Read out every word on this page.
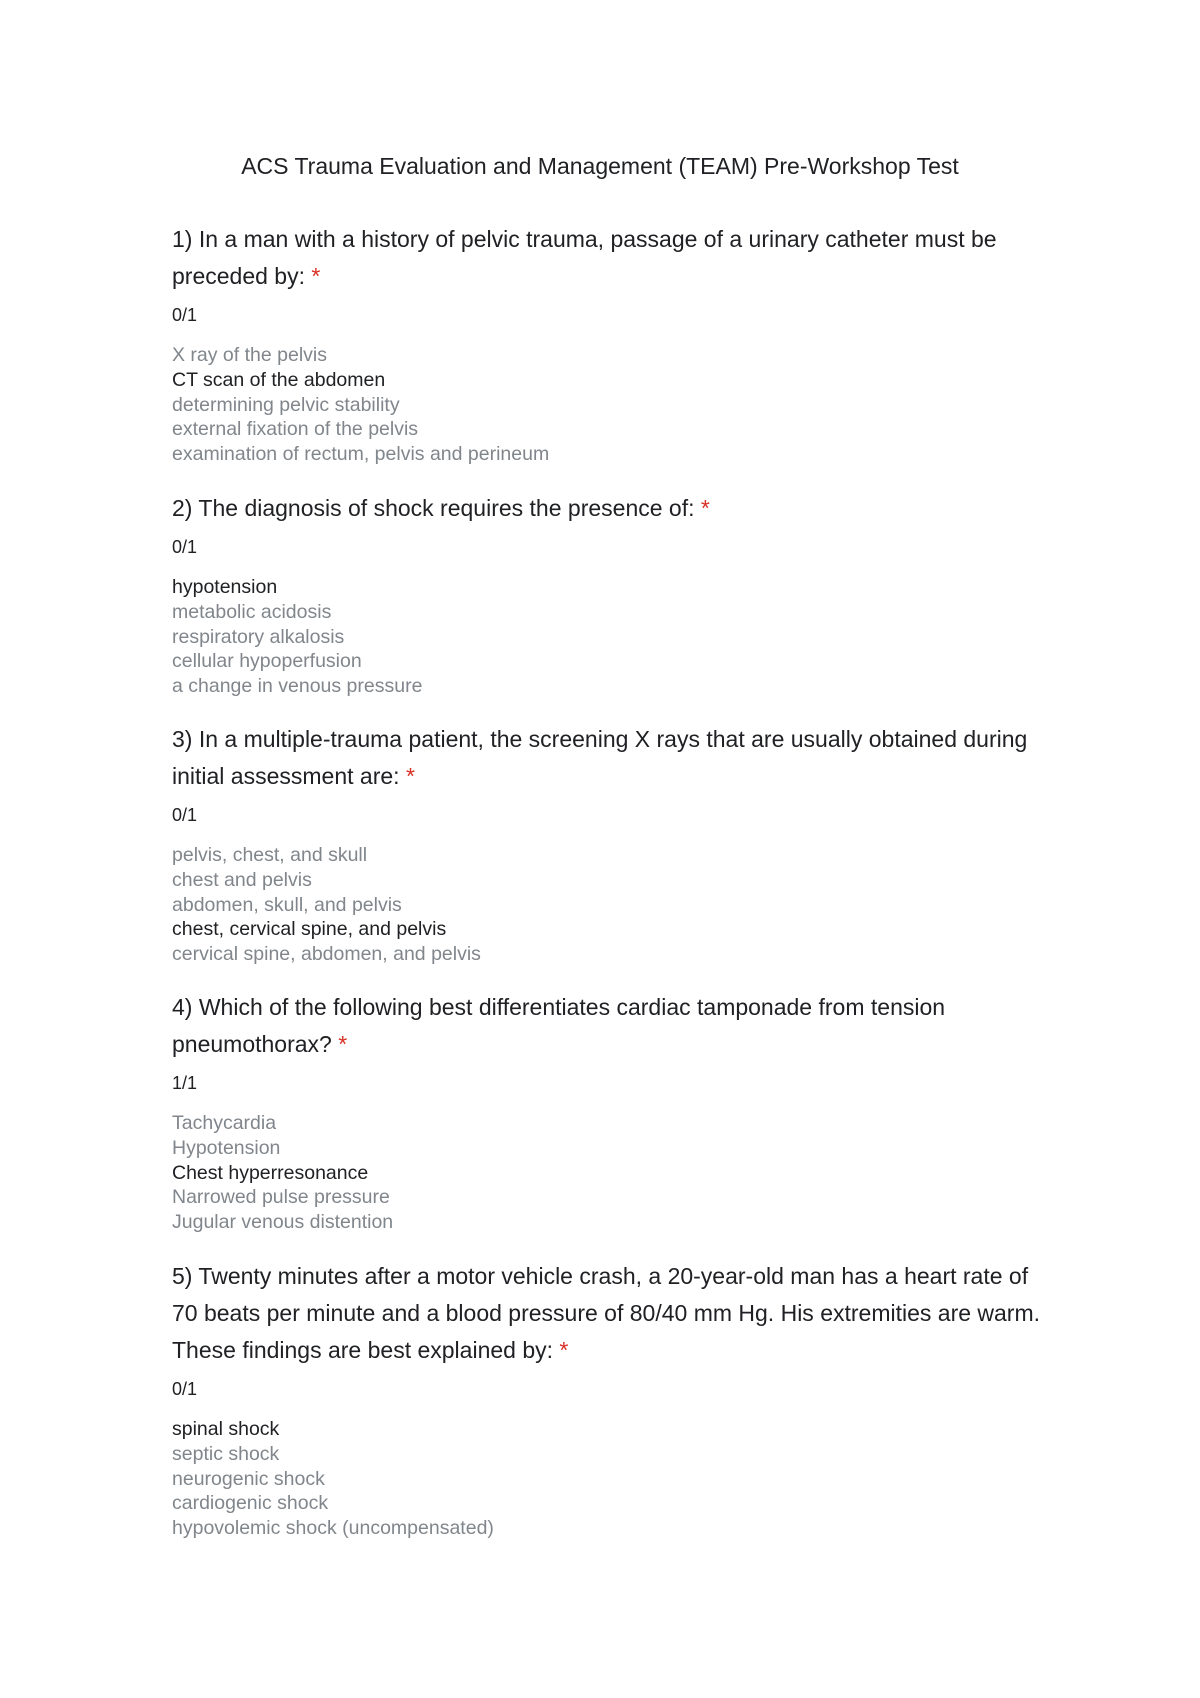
ACS Trauma Evaluation and Management (TEAM) Pre-Workshop Test

1) In a man with a history of pelvic trauma, passage of a urinary catheter must be preceded by: *

0/1
X ray of the pelvis
CT scan of the abdomen
determining pelvic stability
external fixation of the pelvis
examination of rectum, pelvis and perineum

2) The diagnosis of shock requires the presence of: *

0/1
hypotension
metabolic acidosis
respiratory alkalosis
cellular hypoperfusion
a change in venous pressure

3) In a multiple-trauma patient, the screening X rays that are usually obtained during initial assessment are: *

0/1
pelvis, chest, and skull
chest and pelvis
abdomen, skull, and pelvis
chest, cervical spine, and pelvis
cervical spine, abdomen, and pelvis

4) Which of the following best differentiates cardiac tamponade from tension pneumothorax? *

1/1
Tachycardia
Hypotension
Chest hyperresonance
Narrowed pulse pressure
Jugular venous distention

5) Twenty minutes after a motor vehicle crash, a 20-year-old man has a heart rate of 70 beats per minute and a blood pressure of 80/40 mm Hg. His extremities are warm. These findings are best explained by: *

0/1
spinal shock
septic shock
neurogenic shock
cardiogenic shock
hypovolemic shock (uncompensated)
